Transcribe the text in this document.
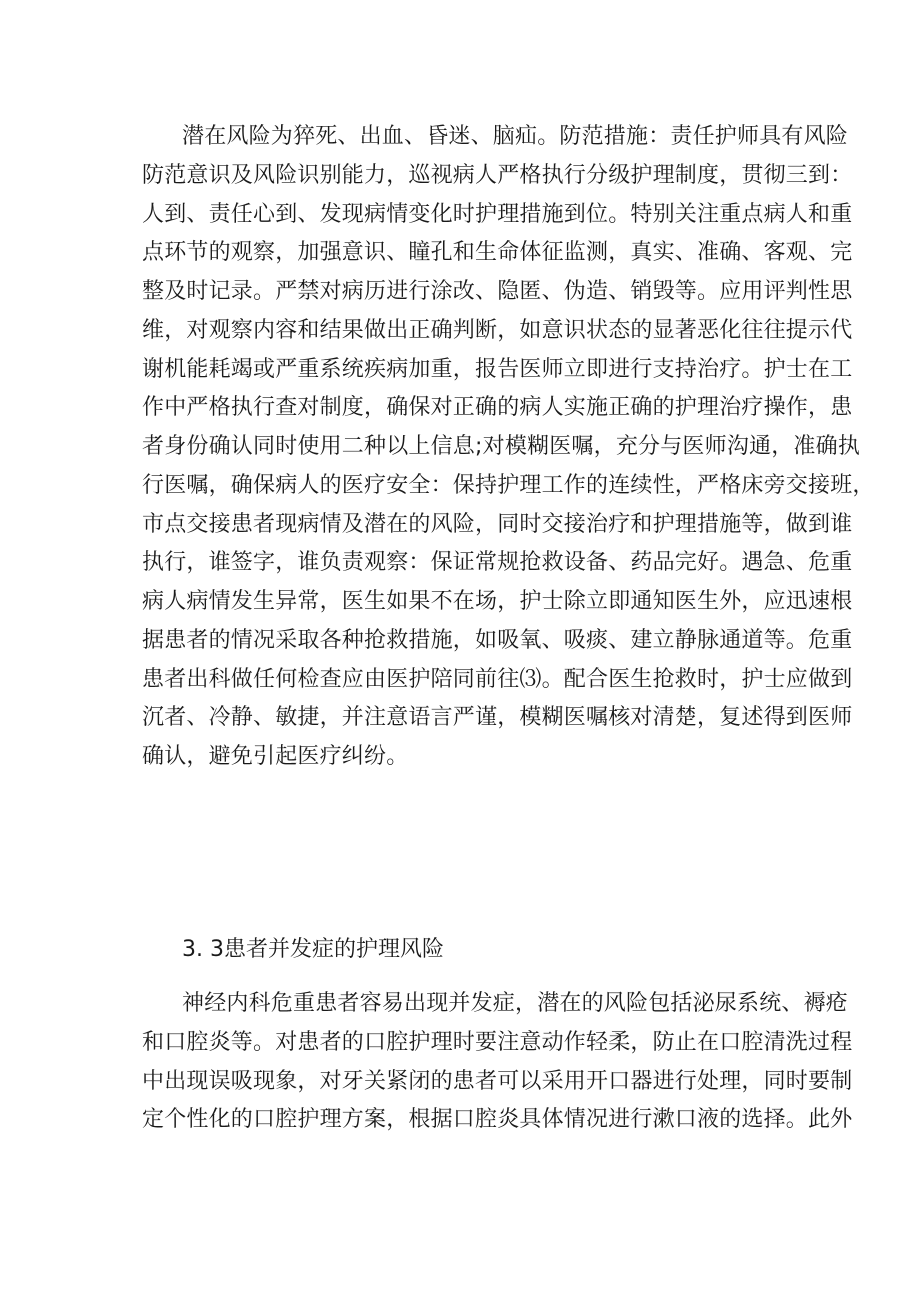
潜在风险为猝死、出血、昏迷、脑疝。防范措施：责任护师具有风险
防范意识及风险识别能力，巡视病人严格执行分级护理制度，贯彻三到：
人到、责任心到、发现病情变化时护理措施到位。特别关注重点病人和重
点环节的观察，加强意识、瞳孔和生命体征监测，真实、准确、客观、完
整及时记录。严禁对病历进行涂改、隐匿、伪造、销毁等。应用评判性思
维，对观察内容和结果做出正确判断，如意识状态的显著恶化往往提示代
谢机能耗竭或严重系统疾病加重，报告医师立即进行支持治疗。护士在工
作中严格执行查对制度，确保对正确的病人实施正确的护理治疗操作，患
者身份确认同时使用二种以上信息;对模糊医嘱，充分与医师沟通，准确执
行医嘱，确保病人的医疗安全：保持护理工作的连续性，严格床旁交接班，
市点交接患者现病情及潜在的风险，同时交接治疗和护理措施等，做到谁
执行，谁签字，谁负责观察：保证常规抢救设备、药品完好。遇急、危重
病人病情发生异常，医生如果不在场，护士除立即通知医生外，应迅速根
据患者的情况采取各种抢救措施，如吸氧、吸痰、建立静脉通道等。危重
患者出科做任何检查应由医护陪同前往⑶。配合医生抢救时，护士应做到
沉者、冷静、敏捷，并注意语言严谨，模糊医嘱核对清楚，复述得到医师
确认，避免引起医疗纠纷。
3. 3患者并发症的护理风险
神经内科危重患者容易出现并发症，潜在的风险包括泌尿系统、褥疮
和口腔炎等。对患者的口腔护理时要注意动作轻柔，防止在口腔清洗过程
中出现误吸现象，对牙关紧闭的患者可以采用开口器进行处理，同时要制
定个性化的口腔护理方案，根据口腔炎具体情况进行漱口液的选择。此外
